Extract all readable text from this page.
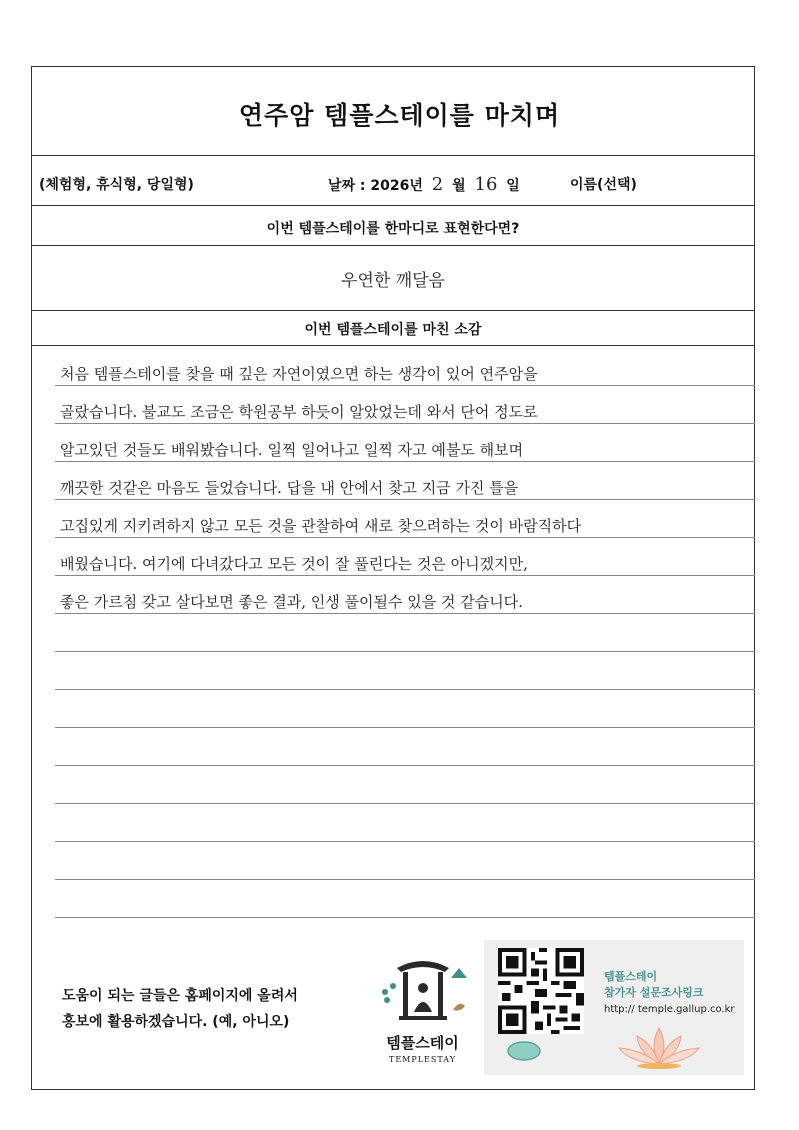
연주암 템플스테이를 마치며
(체험형, 휴식형, 당일형)	날짜 : 2026년 2 월 16 일	이름(선택)
이번 템플스테이를 한마디로 표현한다면?
우연한 깨달음
이번 템플스테이를 마친 소감
처음 템플스테이를 찾을 때 깊은 자연이였으면 하는 생각이 있어 연주암을
골랐습니다. 불교도 조금은 학원공부 하듯이 알았었는데 와서 단어 정도로
알고있던 것들도 배워봤습니다. 일찍 일어나고 일찍 자고 예불도 해보며
깨끗한 것같은 마음도 들었습니다. 답을 내 안에서 찾고 지금 가진 틀을
고집있게 지키려하지 않고 모든 것을 관찰하여 새로 찾으려하는 것이 바람직하다
배웠습니다. 여기에 다녀갔다고 모든 것이 잘 풀린다는 것은 아니겠지만,
좋은 가르침 갖고 살다보면 좋은 결과, 인생 풀이될수 있을 것 같습니다.
도움이 되는 글들은 홈페이지에 올려서
홍보에 활용하겠습니다. (예, 아니오)
템플스테이
TEMPLESTAY
템플스테이
참가자 설문조사링크
http:// temple.gallup.co.kr
